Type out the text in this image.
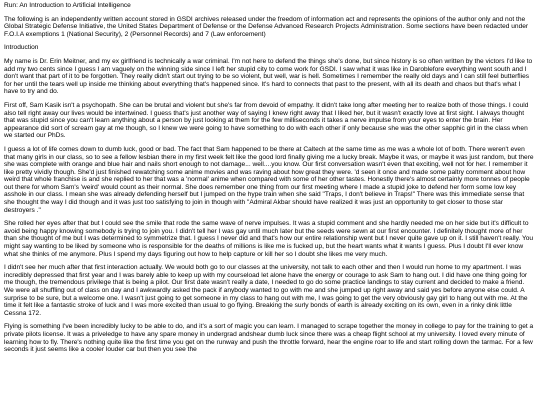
Run: An Introduction to Artificial Intelligence
The following is an independently written account stored in GSDI archives released under the freedom of information act and represents the opinions of the author only and not the Global Strategic Defense Initiative, the United States Department of Defense or the Defense Advanced Research Projects Administration. Some sections have been redacted under F.O.I.A exemptions 1 (National Security), 2 (Personnel Records) and 7 (Law enforcement)
Introduction
My name is Dr. Erin Meitner, and my ex girlfriend is technically a war criminal. I'm not here to defend the things she's done, but since history is so often written by the victors I'd like to add my two cents since I guess I am vaguely on the winning side since I left her stupid city to come work for GSDI. I saw what it was like in Daroblefore everything went south and I don't want that part of it to be forgotten. They really didn't start out trying to be so violent, but well, war is hell. Sometimes I remember the really old days and I can still feel butterflies for her until the tears well up inside me thinking about everything that's happened since. It's hard to connects that past to the present, with all its death and chaos but that's what I have to try and do.
First off, Sam Kasik isn't a psychopath. She can be brutal and violent but she's far from devoid of empathy. It didn't take long after meeting her to realize both of those things. I could also tell right away our lives would be intertwined. I guess that's just another way of saying I knew right away that I liked her, but it wasn't exactly love at first sight. I always thought that was stupid since you can't learn anything about a person by just looking at them for the few milliseconds it takes a nerve impulse from your eyes to enter the brain. Her appearance did sort of scream gay at me though, so I knew we were going to have something to do with each other if only because she was the other sapphic girl in the class when we started our PhDs.
I guess a lot of life comes down to dumb luck, good or bad. The fact that Sam happened to be there at Caltech at the same time as me was a whole lot of both. There weren't even that many girls in our class, so to see a fellow lesbian there in my first week felt like the good lord finally giving me a lucky break. Maybe it was, or maybe it was just random, but there she was complete with orange and blue hair and nails short enough to not damage... well....you know. Our first conversation wasn't even that exciting, well not for her. I remember it like pretty vividly though. She'd just finished rewatching some anime movies and was raving about how great they were. 'd seen it once and made some paltry comment about how weird that whole franchise is and she replied to her that was a 'normal' anime when compared with some of her other tastes. Honestly there's almost certainly more tonnes of people out there for whom Sam's 'weird' would count as their normal. She does remember one thing from our first meeting where I made a stupid joke to defend her form some low key asshole in our class. I mean she was already defending herself but I jumped on the hype train when she said "Traps, I don't believe in Traps!" There was this immediate sense that she thought the way I did though and it was just too satisfying to join in though with "Admiral Akbar should have realized it was just an opportunity to get closer to those star destroyers ."
She rolled her eyes after that but I could see the smile that rode the same wave of nerve impulses. It was a stupid comment and she hardly needed me on her side but it's difficult to avoid being happy knowing somebody is trying to join you. I didn't tell her I was gay until much later but the seeds were sewn at our first encounter. I definitely thought more of her than she thought of me but I was determined to symmetrize that. I guess I never did and that's how our entire relationship went but I never quite gave up on it. I still haven't really. You might say wanting to be liked by someone who is responsible for the deaths of millions is like me is fucked up, but the heart wants what it wants I guess. Plus I doubt I'll ever know what she thinks of me anymore. Plus I spend my days figuring out how to help capture or kill her so I doubt she likes me very much.
I didn't see her much after that first interaction actually. We would both go to our classes at the university, not talk to each other and then I would run home to my apartment. I was incredibly depressed that first year and I was barely able to keep up with my courseload let alone have the energy or courage to ask Sam to hang out. I did have one thing going for me though, the tremendous privilege that is being a pilot. Our first date wasn't really a date, I needed to go do some practice landings to stay current and decided to make a friend. We were all shuffling out of class on day and I awkwardly asked the pack if anybody wanted to go with me and she jumped up right away and said yes before anyone else could. A surprise to be sure, but a welcome one. I wasn't just going to get someone in my class to hang out with me, I was going to get the very obviously gay girl to hang out with me. At the time it felt like a fantastic stroke of luck and I was more excited than usual to go flying. Breaking the surly bonds of earth is already exciting on its own, even in a rinky dink little Cessna 172.
Flying is something I've been incredibly lucky to be able to do, and it's a sort of magic you can learn. I managed to scrape together the money in college to pay for the training to get a private pilots license. It was a priveledge to have any spare money in undergrad andshear dumb luck since there was a cheap flight school at my university. I loved every minute of learning how to fly. There's nothing quite like the first time you get on the runway and push the throttle forward, hear the engine roar to life and start rolling down the tarmac. For a few seconds it just seems like a cooler louder car but then you see the
